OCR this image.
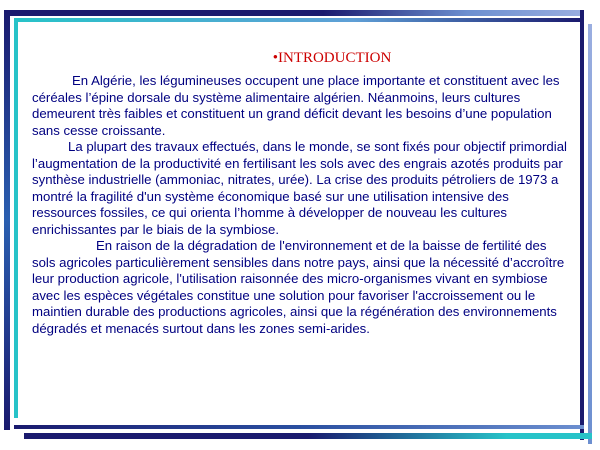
•INTRODUCTION

En Algérie, les légumineuses occupent une place importante et constituent avec les céréales l’épine dorsale du système alimentaire algérien. Néanmoins, leurs cultures demeurent très faibles et constituent un grand déficit devant les besoins d’une population sans cesse croissante.

La plupart des travaux effectués, dans le monde, se sont fixés pour objectif primordial l’augmentation de la productivité en fertilisant les sols avec des engrais azotés produits par synthèse industrielle (ammoniac, nitrates, urée). La crise des produits pétroliers de 1973 a montré la fragilité d'un système économique basé sur une utilisation intensive des ressources fossiles, ce qui orienta l’homme à développer de nouveau les cultures enrichissantes par le biais de la symbiose.

En raison de la dégradation de l'environnement et de la baisse de fertilité des sols agricoles particulièrement sensibles dans notre pays, ainsi que la nécessité d’accroître leur production agricole, l'utilisation raisonnée des micro-organismes vivant en symbiose avec les espèces végétales constitue une solution pour favoriser l'accroissement ou le maintien durable des productions agricoles, ainsi que la régénération des environnements dégradés et menacés surtout dans les zones semi-arides.
